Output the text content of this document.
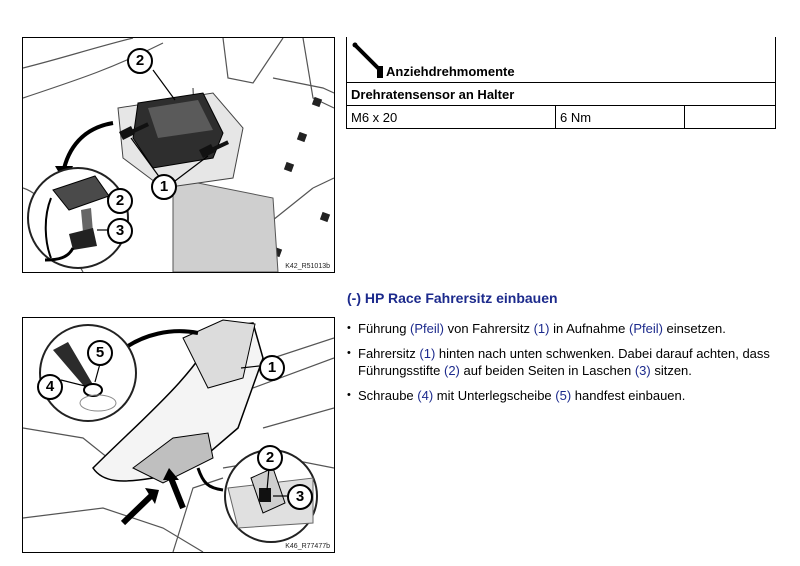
2
1
2
3
K42_R51013b
Anziehdrehmomente

Drehratensensor an Halter
M6 x 20	6 Nm	
(-) HP Race Fahrersitz einbauen
• Führung (Pfeil) von Fahrersitz (1) in Aufnahme (Pfeil) einsetzen.
• Fahrersitz (1) hinten nach unten schwenken. Dabei darauf achten, dass Führungsstifte (2) auf beiden Seiten in Laschen (3) sitzen.
• Schraube (4) mit Unterlegscheibe (5) handfest einbauen.
1
5
4
2
3
K46_R77477b
